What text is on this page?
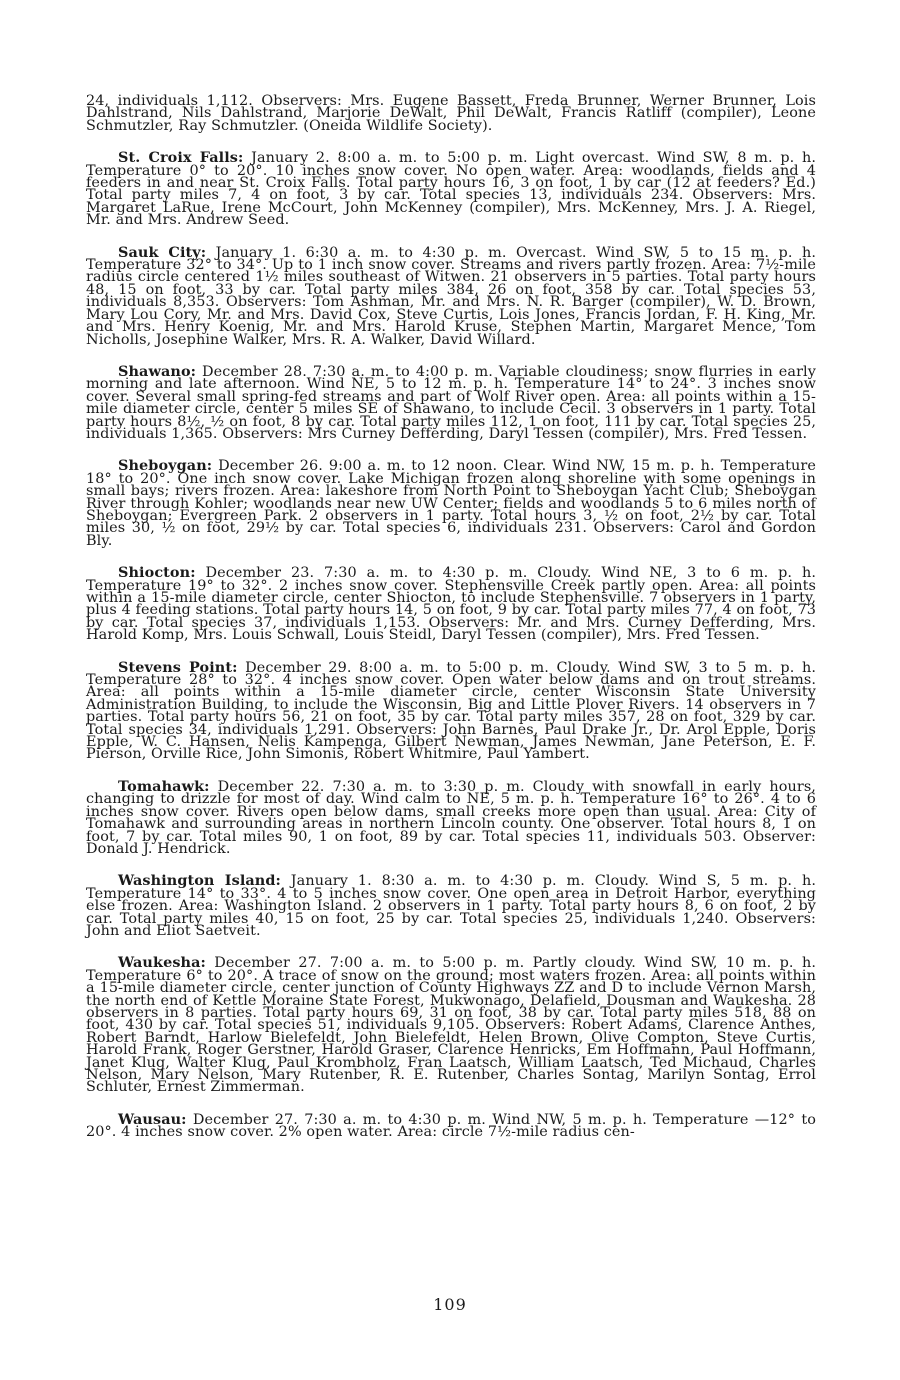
24, individuals 1,112. Observers: Mrs. Eugene Bassett, Freda Brunner, Werner Brunner, Lois Dahlstrand, Nils Dahlstrand, Marjorie DeWalt, Phil DeWalt, Francis Ratliff (compiler), Leone Schmutzler, Ray Schmutzler. (Oneida Wildlife Society).

St. Croix Falls: January 2. 8:00 a. m. to 5:00 p. m. Light overcast. Wind SW, 8 m. p. h. Temperature 0° to 20°. 10 inches snow cover. No open water. Area: woodlands, fields and 4 feeders in and near St. Croix Falls. Total party hours 16, 3 on foot, 1 by car (12 at feeders? Ed.) Total party miles 7, 4 on foot, 3 by car. Total species 13, individuals 234. Observers: Mrs. Margaret LaRue, Irene McCourt, John McKenney (compiler), Mrs. McKenney, Mrs. J. A. Riegel, Mr. and Mrs. Andrew Seed.

Sauk City: January 1. 6:30 a. m. to 4:30 p. m. Overcast. Wind SW, 5 to 15 m. p. h. Temperature 32° to 34°. Up to 1 inch snow cover. Streams and rivers partly frozen. Area: 7½-mile radius circle centered 1½ miles southeast of Witwen. 21 observers in 5 parties. Total party hours 48, 15 on foot, 33 by car. Total party miles 384, 26 on foot, 358 by car. Total species 53, individuals 8,353. Observers: Tom Ashman, Mr. and Mrs. N. R. Barger (compiler), W. D. Brown, Mary Lou Cory, Mr. and Mrs. David Cox, Steve Curtis, Lois Jones, Francis Jordan, F. H. King, Mr. and Mrs. Henry Koenig, Mr. and Mrs. Harold Kruse, Stephen Martin, Margaret Mence, Tom Nicholls, Josephine Walker, Mrs. R. A. Walker, David Willard.

Shawano: December 28. 7:30 a. m. to 4:00 p. m. Variable cloudiness; snow flurries in early morning and late afternoon. Wind NE, 5 to 12 m. p. h. Temperature 14° to 24°. 3 inches snow cover. Several small spring-fed streams and part of Wolf River open. Area: all points within a 15-mile diameter circle, center 5 miles SE of Shawano, to include Cecil. 3 observers in 1 party. Total party hours 8½, ½ on foot, 8 by car. Total party miles 112, 1 on foot, 111 by car. Total species 25, individuals 1,365. Observers: Mrs Curney Defferding, Daryl Tessen (compiler), Mrs. Fred Tessen.

Sheboygan: December 26. 9:00 a. m. to 12 noon. Clear. Wind NW, 15 m. p. h. Temperature 18° to 20°. One inch snow cover. Lake Michigan frozen along shoreline with some openings in small bays; rivers frozen. Area: lakeshore from North Point to Sheboygan Yacht Club; Sheboygan River through Kohler; woodlands near new UW Center; fields and woodlands 5 to 6 miles north of Sheboygan; Evergreen Park. 2 observers in 1 party. Total hours 3, ½ on foot, 2½ by car. Total miles 30, ½ on foot, 29½ by car. Total species 6, individuals 231. Observers: Carol and Gordon Bly.

Shiocton: December 23. 7:30 a. m. to 4:30 p. m. Cloudy. Wind NE, 3 to 6 m. p. h. Temperature 19° to 32°. 2 inches snow cover. Stephensville Creek partly open. Area: all points within a 15-mile diameter circle, center Shiocton, to include Stephensville. 7 observers in 1 party, plus 4 feeding stations. Total party hours 14, 5 on foot, 9 by car. Total party miles 77, 4 on foot, 73 by car. Total species 37, individuals 1,153. Observers: Mr. and Mrs. Curney Defferding, Mrs. Harold Komp, Mrs. Louis Schwall, Louis Steidl, Daryl Tessen (compiler), Mrs. Fred Tessen.

Stevens Point: December 29. 8:00 a. m. to 5:00 p. m. Cloudy. Wind SW, 3 to 5 m. p. h. Temperature 28° to 32°. 4 inches snow cover. Open water below dams and on trout streams. Area: all points within a 15-mile diameter circle, center Wisconsin State University Administration Building, to include the Wisconsin, Big and Little Plover Rivers. 14 observers in 7 parties. Total party hours 56, 21 on foot, 35 by car. Total party miles 357, 28 on foot, 329 by car. Total species 34, individuals 1,291. Observers: John Barnes, Paul Drake Jr., Dr. Arol Epple, Doris Epple, W. C. Hansen, Nelis Kampenga, Gilbert Newman, James Newman, Jane Peterson, E. F. Pierson, Orville Rice, John Simonis, Robert Whitmire, Paul Yambert.

Tomahawk: December 22. 7:30 a. m. to 3:30 p. m. Cloudy with snowfall in early hours, changing to drizzle for most of day. Wind calm to NE, 5 m. p. h. Temperature 16° to 26°. 4 to 6 inches snow cover. Rivers open below dams, small creeks more open than usual. Area: City of Tomahawk and surrounding areas in northern Lincoln county. One observer. Total hours 8, 1 on foot, 7 by car. Total miles 90, 1 on foot, 89 by car. Total species 11, individuals 503. Observer: Donald J. Hendrick.

Washington Island: January 1. 8:30 a. m. to 4:30 p. m. Cloudy. Wind S, 5 m. p. h. Temperature 14° to 33°. 4 to 5 inches snow cover. One open area in Detroit Harbor, everything else frozen. Area: Washington Island. 2 observers in 1 party. Total party hours 8, 6 on foot, 2 by car. Total party miles 40, 15 on foot, 25 by car. Total species 25, individuals 1,240. Observers: John and Eliot Saetveit.

Waukesha: December 27. 7:00 a. m. to 5:00 p. m. Partly cloudy. Wind SW, 10 m. p. h. Temperature 6° to 20°. A trace of snow on the ground; most waters frozen. Area: all points within a 15-mile diameter circle, center junction of County Highways ZZ and D to include Vernon Marsh, the north end of Kettle Moraine State Forest, Mukwonago, Delafield, Dousman and Waukesha. 28 observers in 8 parties. Total party hours 69, 31 on foot, 38 by car. Total party miles 518, 88 on foot, 430 by car. Total species 51, individuals 9,105. Observers: Robert Adams, Clarence Anthes, Robert Barndt, Harlow Bielefeldt, John Bielefeldt, Helen Brown, Olive Compton, Steve Curtis, Harold Frank, Roger Gerstner, Harold Graser, Clarence Henricks, Em Hoffmann, Paul Hoffmann, Janet Klug, Walter Klug, Paul Krombholz, Fran Laatsch, William Laatsch, Ted Michaud, Charles Nelson, Mary Nelson, Mary Rutenber, R. E. Rutenber, Charles Sontag, Marilyn Sontag, Errol Schluter, Ernest Zimmerman.

Wausau: December 27. 7:30 a. m. to 4:30 p. m. Wind NW, 5 m. p. h. Temperature —12° to 20°. 4 inches snow cover. 2% open water. Area: circle 7½-mile radius cen-

109
